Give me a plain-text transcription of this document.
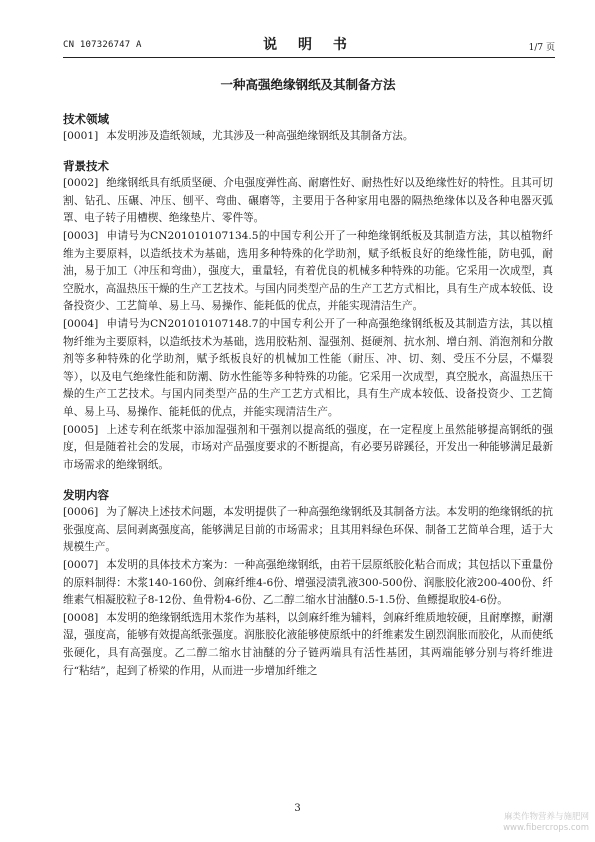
CN 107326747 A	说 明 书	1/7 页

一种高强绝缘钢纸及其制备方法

技术领域

[0001] 本发明涉及造纸领域，尤其涉及一种高强绝缘钢纸及其制备方法。

背景技术

[0002] 绝缘钢纸具有纸质坚硬、介电强度弹性高、耐磨性好、耐热性好以及绝缘性好的特性。且其可切割、钻孔、压碾、冲压、刨平、弯曲、碾磨等，主要用于各种家用电器的隔热绝缘体以及各种电器灭弧罩、电子转子用槽楔、绝缘垫片、零件等。

[0003] 申请号为CN201010107134.5的中国专利公开了一种绝缘钢纸板及其制造方法，其以植物纤维为主要原料，以造纸技术为基础，选用多种特殊的化学助剂，赋予纸板良好的绝缘性能，防电弧，耐油，易于加工（冲压和弯曲），强度大，重量轻，有着优良的机械多种特殊的功能。它采用一次成型，真空脱水，高温热压干燥的生产工艺技术。与国内同类型产品的生产工艺方式相比，具有生产成本较低、设备投资少、工艺简单、易上马、易操作、能耗低的优点，并能实现清洁生产。

[0004] 申请号为CN201010107148.7的中国专利公开了一种高强绝缘钢纸板及其制造方法，其以植物纤维为主要原料，以造纸技术为基础，选用胶粘剂、湿强剂、挺硬剂、抗水剂、增白剂、消泡剂和分散剂等多种特殊的化学助剂，赋予纸板良好的机械加工性能（耐压、冲、切、刻、受压不分层，不爆裂等），以及电气绝缘性能和防潮、防水性能等多种特殊的功能。它采用一次成型，真空脱水，高温热压干燥的生产工艺技术。与国内同类型产品的生产工艺方式相比，具有生产成本较低、设备投资少、工艺简单、易上马、易操作、能耗低的优点，并能实现清洁生产。

[0005] 上述专利在纸浆中添加湿强剂和干强剂以提高纸的强度，在一定程度上虽然能够提高钢纸的强度，但是随着社会的发展，市场对产品强度要求的不断提高，有必要另辟蹊径，开发出一种能够满足最新市场需求的绝缘钢纸。

发明内容

[0006] 为了解决上述技术问题，本发明提供了一种高强绝缘钢纸及其制备方法。本发明的绝缘钢纸的抗张强度高、层间剥离强度高，能够满足目前的市场需求；且其用料绿色环保、制备工艺简单合理，适于大规模生产。

[0007] 本发明的具体技术方案为：一种高强绝缘钢纸，由若干层原纸胶化粘合而成；其包括以下重量份的原料制得：木浆140-160份、剑麻纤维4-6份、增强浸渍乳液300-500份、润胀胶化液200-400份、纤维素气相凝胶粒子8-12份、鱼骨粉4-6份、乙二醇二缩水甘油醚0.5-1.5份、鱼鳔提取胶4-6份。

[0008] 本发明的绝缘钢纸选用木浆作为基料，以剑麻纤维为辅料，剑麻纤维质地较硬，且耐摩擦，耐潮湿，强度高，能够有效提高纸张强度。润胀胶化液能够使原纸中的纤维素发生剧烈润胀而胶化，从而使纸张硬化，具有高强度。乙二醇二缩水甘油醚的分子链两端具有活性基团，其两端能够分别与将纤维进行“粘结”，起到了桥梁的作用，从而进一步增加纤维之

3
麻类作物营养与施肥网
www.fibercrops.com
